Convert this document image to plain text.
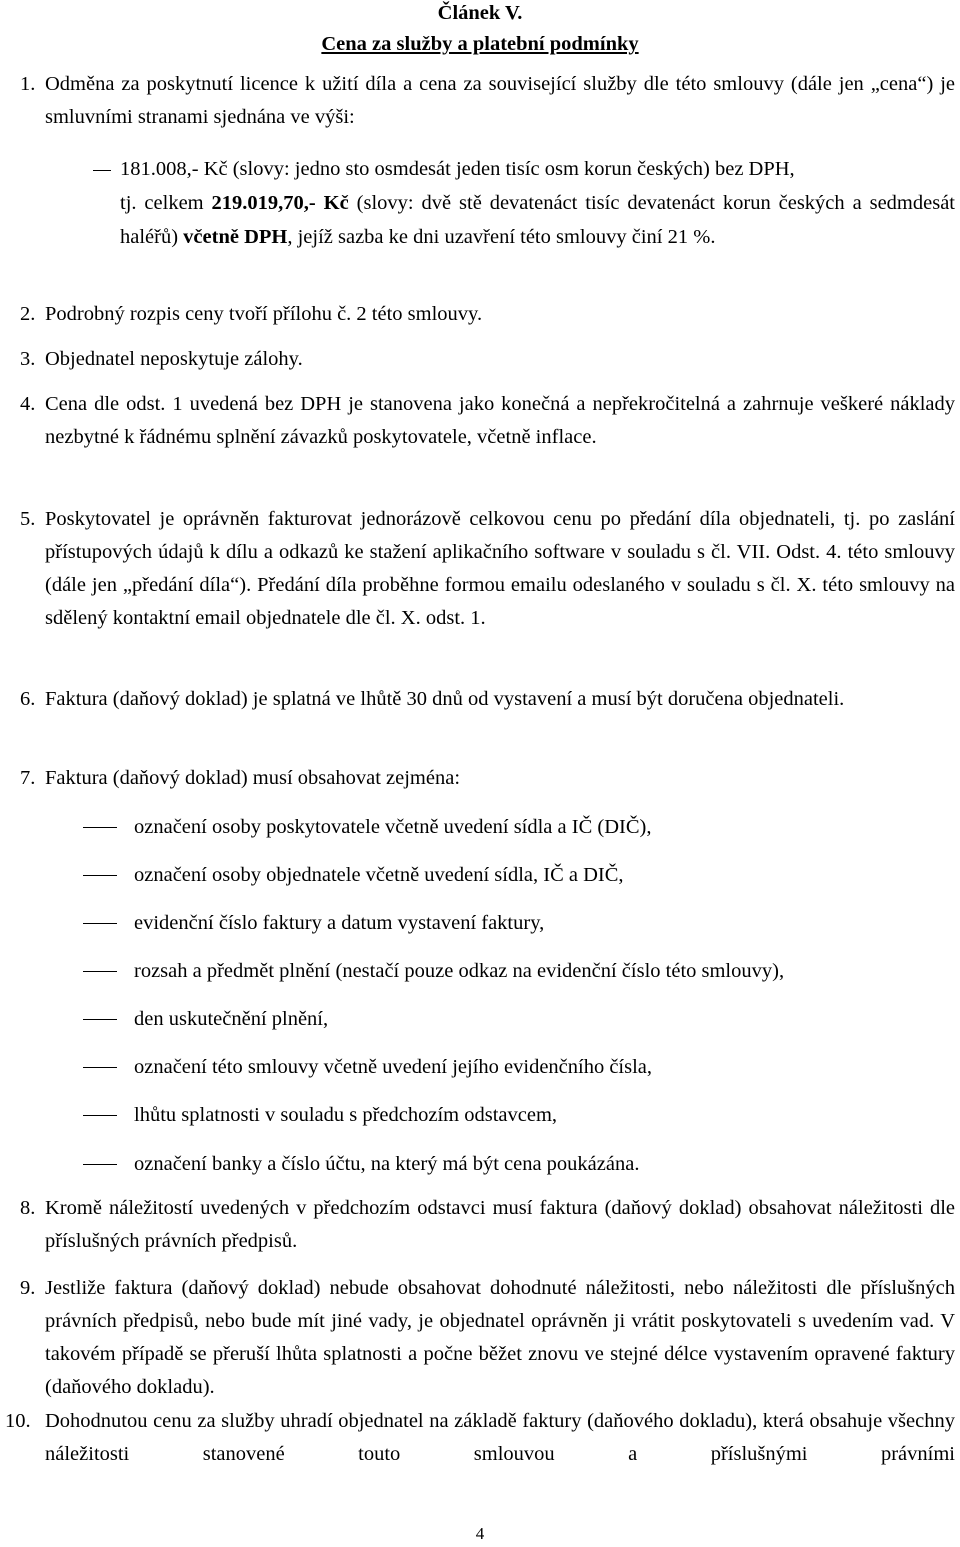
Článek V.
Cena za služby a platební podmínky
1. Odměna za poskytnutí licence k užití díla a cena za související služby dle této smlouvy (dále jen „cena“) je smluvními stranami sjednána ve výši:
181.008,- Kč (slovy: jedno sto osmdesát jeden tisíc osm korun českých) bez DPH,
tj. celkem 219.019,70,- Kč (slovy: dvě stě devatenáct tisíc devatenáct korun českých a sedmdesát haléřů) včetně DPH, jejíž sazba ke dni uzavření této smlouvy činí 21 %.
2. Podrobný rozpis ceny tvoří přílohu č. 2 této smlouvy.
3. Objednatel neposkytuje zálohy.
4. Cena dle odst. 1 uvedená bez DPH je stanovena jako konečná a nepřekročitelná a zahrnuje veškeré náklady nezbytné k řádnému splnění závazků poskytovatele, včetně inflace.
5. Poskytovatel je oprávněn fakturovat jednorázově celkovou cenu po předání díla objednateli, tj. po zaslání přístupových údajů k dílu a odkazů ke stažení aplikačního software v souladu s čl. VII. Odst. 4. této smlouvy (dále jen „předání díla“). Předání díla proběhne formou emailu odeslaného v souladu s čl. X. této smlouvy na sdělený kontaktní email objednatele dle čl. X. odst. 1.
6. Faktura (daňový doklad) je splatná ve lhůtě 30 dnů od vystavení a musí být doručena objednateli.
7. Faktura (daňový doklad) musí obsahovat zejména:
označení osoby poskytovatele včetně uvedení sídla a IČ (DIČ),
označení osoby objednatele včetně uvedení sídla, IČ a DIČ,
evidenční číslo faktury a datum vystavení faktury,
rozsah a předmět plnění (nestačí pouze odkaz na evidenční číslo této smlouvy),
den uskutečnění plnění,
označení této smlouvy včetně uvedení jejího evidenčního čísla,
lhůtu splatnosti v souladu s předchozím odstavcem,
označení banky a číslo účtu, na který má být cena poukázána.
8. Kromě náležitostí uvedených v předchozím odstavci musí faktura (daňový doklad) obsahovat náležitosti dle příslušných právních předpisů.
9. Jestliže faktura (daňový doklad) nebude obsahovat dohodnuté náležitosti, nebo náležitosti dle příslušných právních předpisů, nebo bude mít jiné vady, je objednatel oprávněn ji vrátit poskytovateli s uvedením vad. V takovém případě se přeruší lhůta splatnosti a počne běžet znovu ve stejné délce vystavením opravené faktury (daňového dokladu).
10. Dohodnutou cenu za služby uhradí objednatel na základě faktury (daňového dokladu), která obsahuje všechny náležitosti stanovené touto smlouvou a příslušnými právními
4
